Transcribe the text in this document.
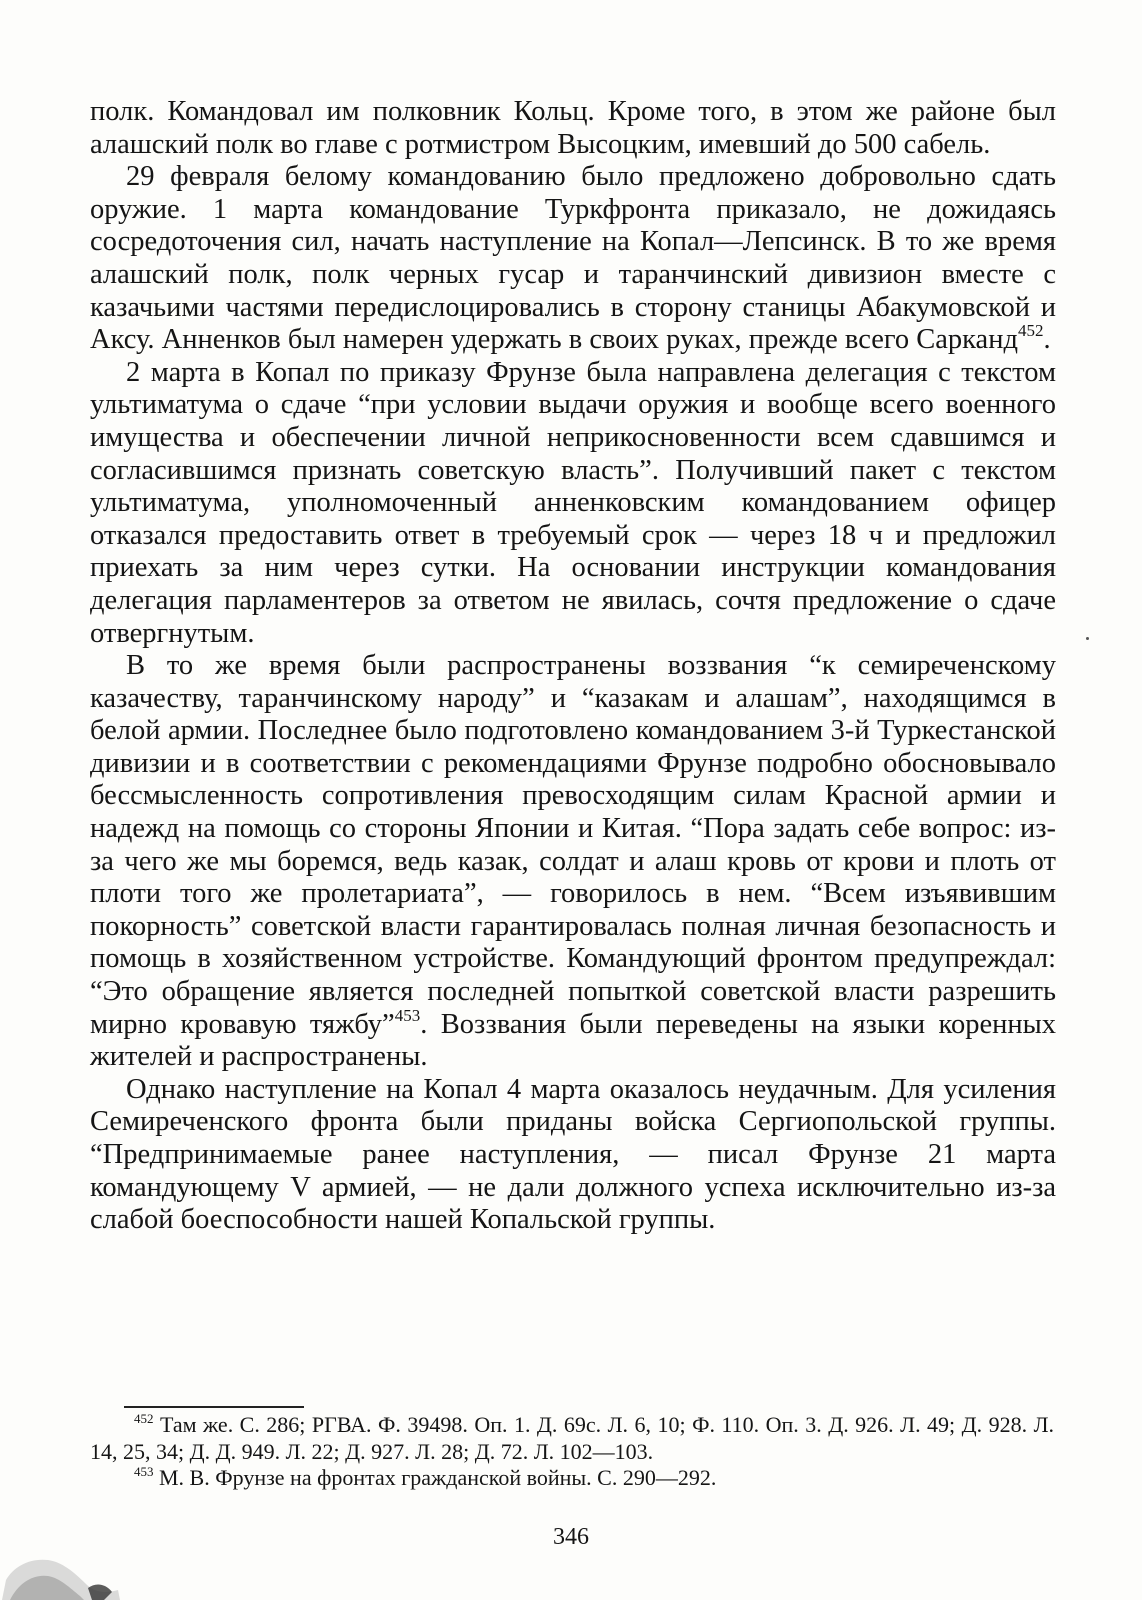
полк. Командовал им полковник Кольц. Кроме того, в этом же районе был алашский полк во главе с ротмистром Высоцким, имевший до 500 сабель.

29 февраля белому командованию было предложено добровольно сдать оружие. 1 марта командование Туркфронта приказало, не дожидаясь сосредоточения сил, начать наступление на Копал—Лепсинск. В то же время алашский полк, полк черных гусар и таранчинский дивизион вместе с казачьими частями передислоцировались в сторону станицы Абакумовской и Аксу. Анненков был намерен удержать в своих руках, прежде всего Сарканд$^{452}$.

2 марта в Копал по приказу Фрунзе была направлена делегация с текстом ультиматума о сдаче “при условии выдачи оружия и вообще всего военного имущества и обеспечении личной неприкосновенности всем сдавшимся и согласившимся признать советскую власть”. Получивший пакет с текстом ультиматума, уполномоченный анненковским командованием офицер отказался предоставить ответ в требуемый срок — через 18 ч и предложил приехать за ним через сутки. На основании инструкции командования делегация парламентеров за ответом не явилась, сочтя предложение о сдаче отвергнутым.

В то же время были распространены воззвания “к семиреченскому казачеству, таранчинскому народу” и “казакам и алашам”, находящимся в белой армии. Последнее было подготовлено командованием 3-й Туркестанской дивизии и в соответствии с рекомендациями Фрунзе подробно обосновывало бессмысленность сопротивления превосходящим силам Красной армии и надежд на помощь со стороны Японии и Китая. “Пора задать себе вопрос: из-за чего же мы боремся, ведь казак, солдат и алаш кровь от крови и плоть от плоти того же пролетариата”, — говорилось в нем. “Всем изъявившим покорность” советской власти гарантировалась полная личная безопасность и помощь в хозяйственном устройстве. Командующий фронтом предупреждал: “Это обращение является последней попыткой советской власти разрешить мирно кровавую тяжбу”$^{453}$. Воззвания были переведены на языки коренных жителей и распространены.

Однако наступление на Копал 4 марта оказалось неудачным. Для усиления Семиреченского фронта были приданы войска Сергиопольской группы. “Предпринимаемые ранее наступления, — писал Фрунзе 21 марта командующему V армией, — не дали должного успеха исключительно из-за слабой боеспособности нашей Копальской группы.

$^{452}$ Там же. С. 286; РГВА. Ф. 39498. Оп. 1. Д. 69с. Л. 6, 10; Ф. 110. Оп. 3. Д. 926. Л. 49; Д. 928. Л. 14, 25, 34; Д. Д. 949. Л. 22; Д. 927. Л. 28; Д. 72. Л. 102—103.

$^{453}$ М. В. Фрунзе на фронтах гражданской войны. С. 290—292.

346
